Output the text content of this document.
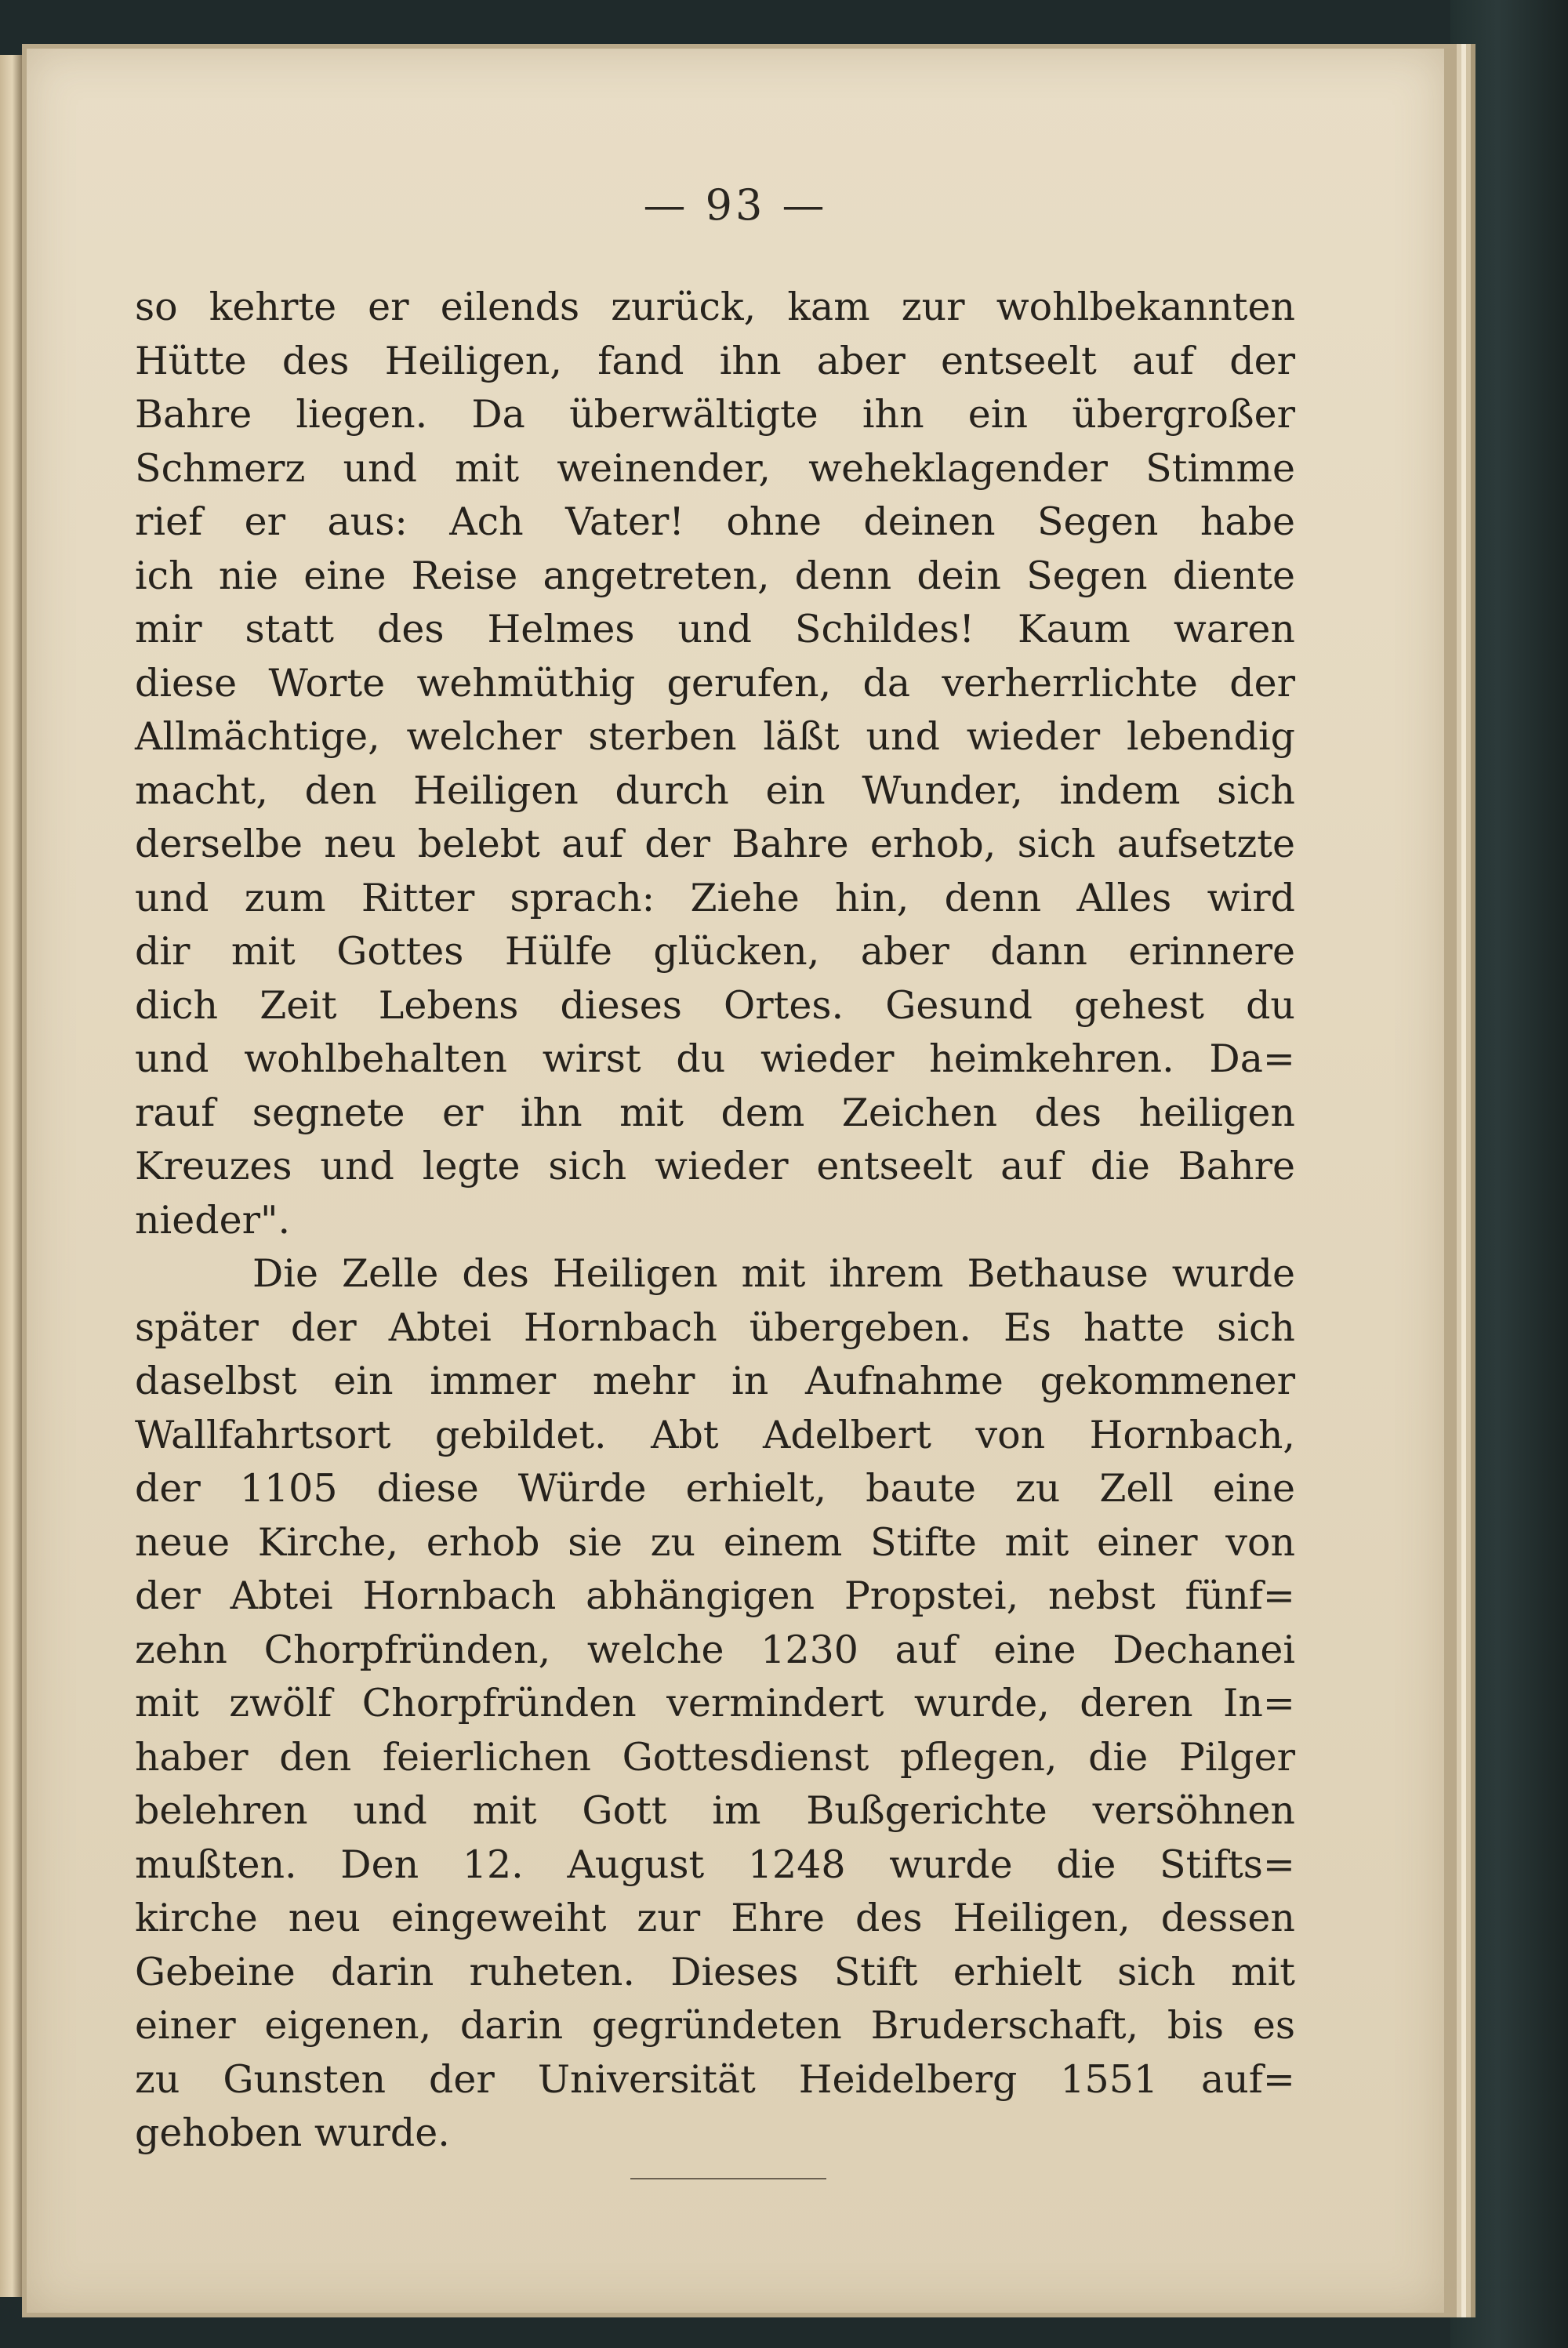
— 93 —

so kehrte er eilends zurück, kam zur wohlbekannten
Hütte des Heiligen, fand ihn aber entseelt auf der
Bahre liegen. Da überwältigte ihn ein übergroßer
Schmerz und mit weinender, weheklagender Stimme
rief er aus: Ach Vater! ohne deinen Segen habe
ich nie eine Reise angetreten, denn dein Segen diente
mir statt des Helmes und Schildes! Kaum waren
diese Worte wehmüthig gerufen, da verherrlichte der
Allmächtige, welcher sterben läßt und wieder lebendig
macht, den Heiligen durch ein Wunder, indem sich
derselbe neu belebt auf der Bahre erhob, sich aufsetzte
und zum Ritter sprach: Ziehe hin, denn Alles wird
dir mit Gottes Hülfe glücken, aber dann erinnere
dich Zeit Lebens dieses Ortes. Gesund gehest du
und wohlbehalten wirst du wieder heimkehren. Da=
rauf segnete er ihn mit dem Zeichen des heiligen
Kreuzes und legte sich wieder entseelt auf die Bahre
nieder".
Die Zelle des Heiligen mit ihrem Bethause wurde
später der Abtei Hornbach übergeben. Es hatte sich
daselbst ein immer mehr in Aufnahme gekommener
Wallfahrtsort gebildet. Abt Adelbert von Hornbach,
der 1105 diese Würde erhielt, baute zu Zell eine
neue Kirche, erhob sie zu einem Stifte mit einer von
der Abtei Hornbach abhängigen Propstei, nebst fünf=
zehn Chorpfründen, welche 1230 auf eine Dechanei
mit zwölf Chorpfründen vermindert wurde, deren In=
haber den feierlichen Gottesdienst pflegen, die Pilger
belehren und mit Gott im Bußgerichte versöhnen
mußten. Den 12. August 1248 wurde die Stifts=
kirche neu eingeweiht zur Ehre des Heiligen, dessen
Gebeine darin ruheten. Dieses Stift erhielt sich mit
einer eigenen, darin gegründeten Bruderschaft, bis es
zu Gunsten der Universität Heidelberg 1551 auf=
gehoben wurde.
